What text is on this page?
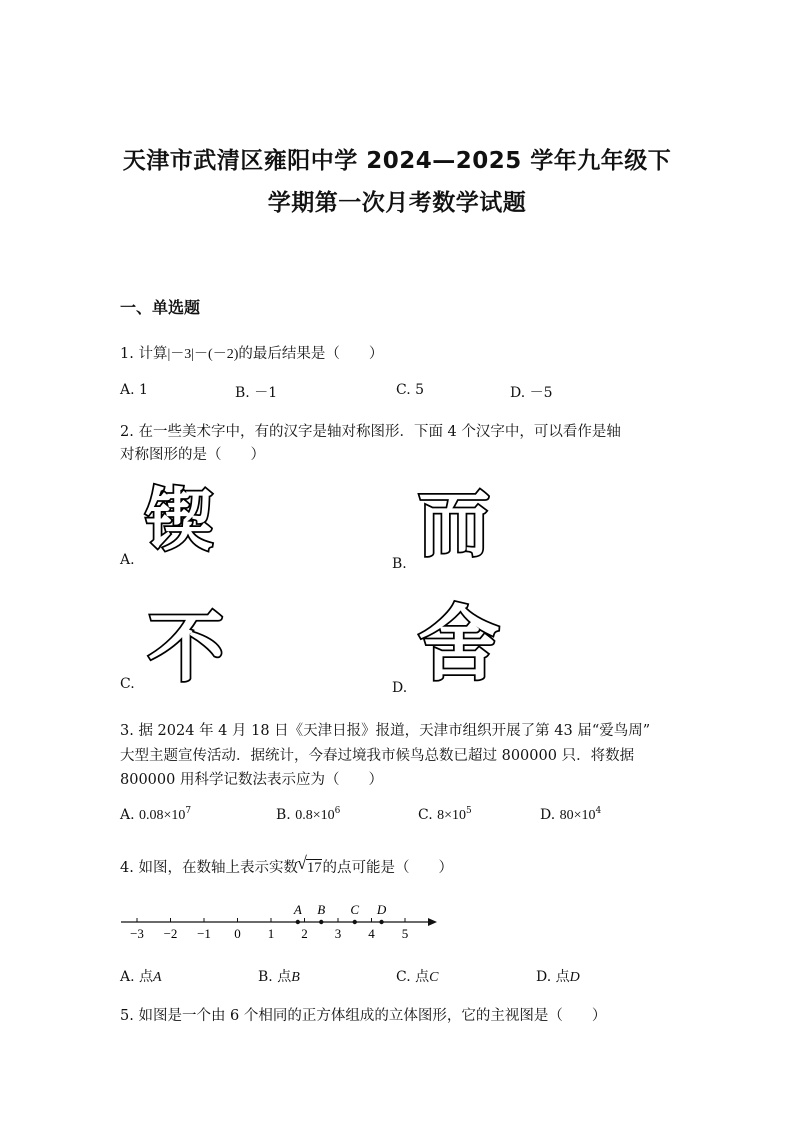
天津市武清区雍阳中学 2024—2025 学年九年级下
学期第一次月考数学试题
一、单选题
1. 计算|－3|－(－2)的最后结果是（　　）
A. 1	B. －1	C. 5	D. －5
2. 在一些美术字中，有的汉字是轴对称图形．下面 4 个汉字中，可以看作是轴
对称图形的是（　　）
锲
A.	而
B.
不
C.	舍
D.
3. 据 2024 年 4 月 18 日《天津日报》报道，天津市组织开展了第 43 届“爱鸟周”
大型主题宣传活动．据统计，今春过境我市候鸟总数已超过 800000 只．将数据
800000 用科学记数法表示应为（　　）
A. $0.08\times 10^7$	B. $0.8\times 10^6$	C. $8\times 10^5$	D. $80\times 10^4$
4. 如图，在数轴上表示实数 √ 17的点可能是（　　）
−3 −2 −1 0 1 2 3 4 5
A B C D
A. 点A	B. 点B	C. 点C	D. 点D
5. 如图是一个由 6 个相同的正方体组成的立体图形，它的主视图是（　　）
